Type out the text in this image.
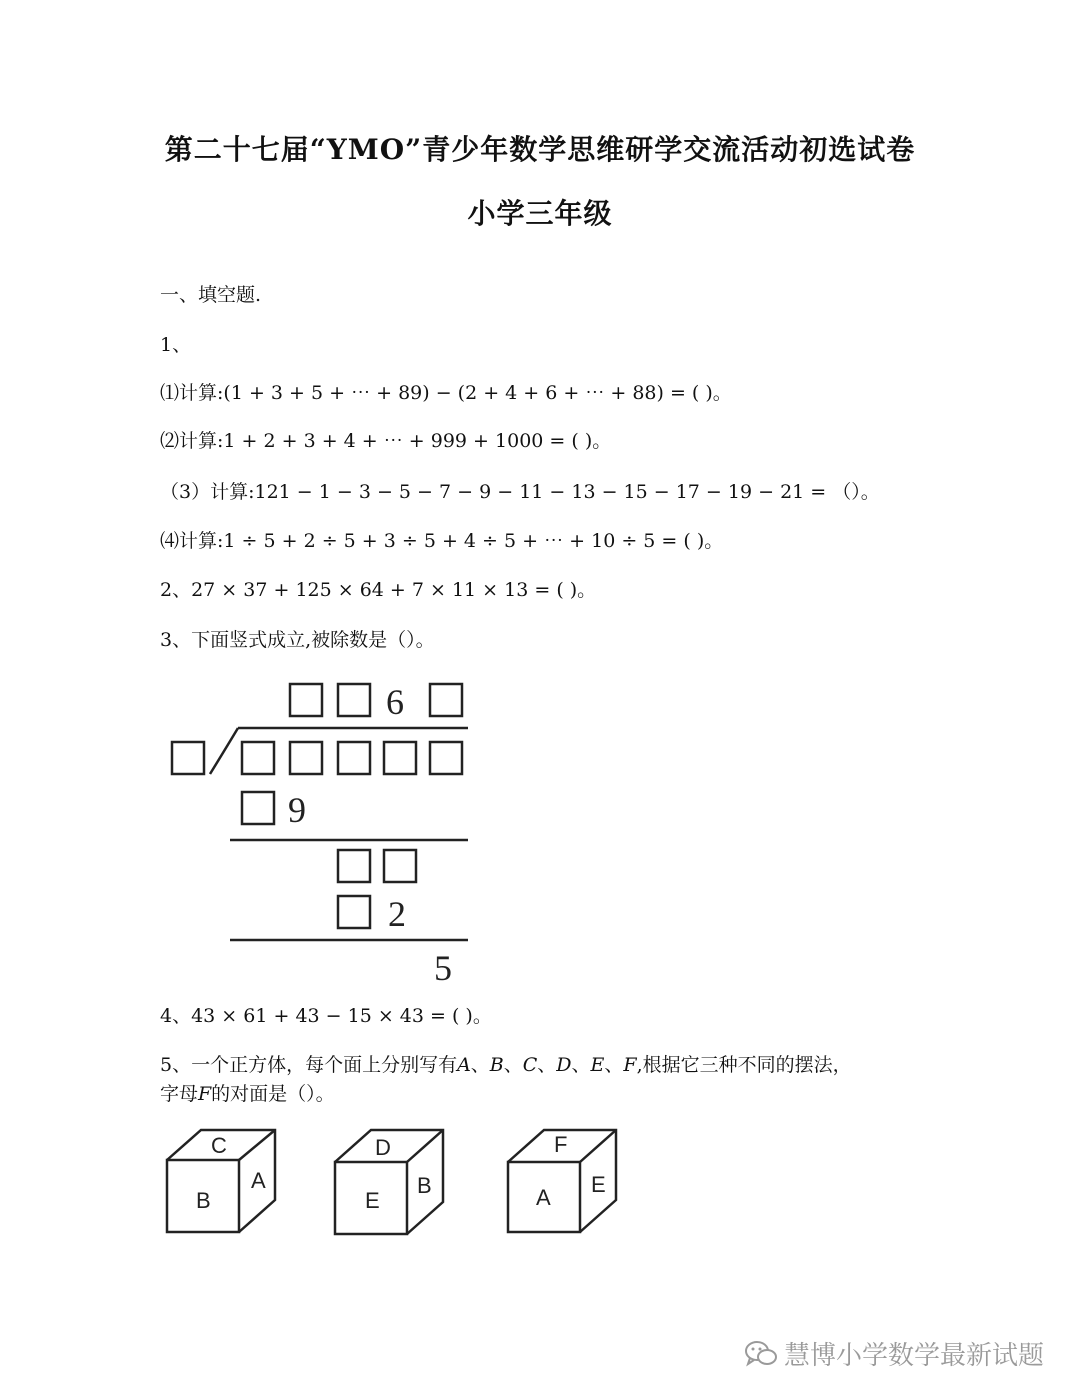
第二十七届“YMO”青少年数学思维研学交流活动初选试卷
小学三年级
一、填空题.
1、
⑴计算:(1 + 3 + 5 + ⋯ + 89) − (2 + 4 + 6 + ⋯ + 88) = ( )。
⑵计算:1 + 2 + 3 + 4 + ⋯ + 999 + 1000 = ( )。
（3）计算:121 − 1 − 3 − 5 − 7 − 9 − 11 − 13 − 15 − 17 − 19 − 21 = （）。
⑷计算:1 ÷ 5 + 2 ÷ 5 + 3 ÷ 5 + 4 ÷ 5 + ⋯ + 10 ÷ 5 = ( )。
2、27 × 37 + 125 × 64 + 7 × 11 × 13 = ( )。
3、下面竖式成立,被除数是（）。
6
9
2
5
4、43 × 61 + 43 − 15 × 43 = ( )。
5、一个正方体，每个面上分别写有𝐴、𝐵、𝐶、𝐷、𝐸、𝐹,根据它三种不同的摆法，
字母𝐹的对面是（）。
C
B
A
D
E
B
F
A
E
慧博小学数学最新试题
